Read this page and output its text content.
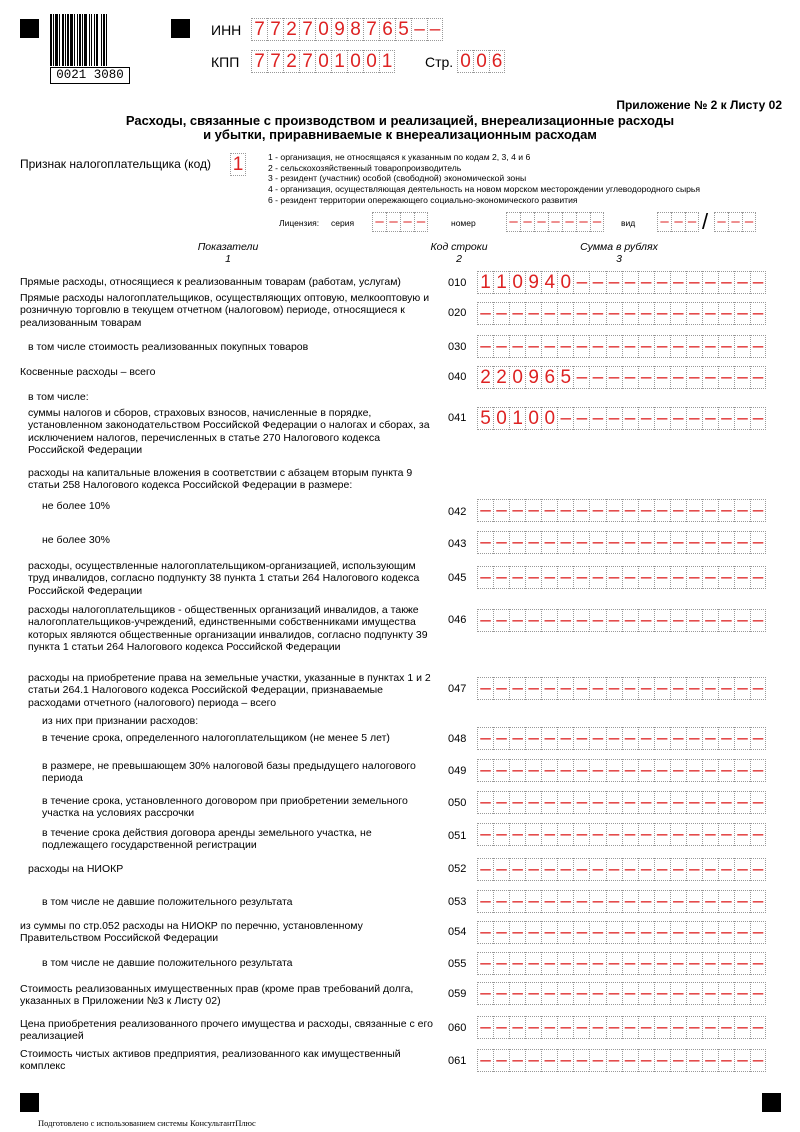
0021 3080
ИНН 7 7 2 7 0 9 8 7 6 5 – –
КПП 7 7 2 7 0 1 0 0 1 Стр. 0 0 6
Приложение № 2 к Листу 02
Расходы, связанные с производством и реализацией, внереализационные расходы
и убытки, приравниваемые к внереализационным расходам
Признак налогоплательщика (код) 1	1 - организация, не относящаяся к указанным по кодам 2, 3, 4 и 6
2 - сельскохозяйственный товаропроизводитель
3 - резидент (участник) особой (свободной) экономической зоны
4 - организация, осуществляющая деятельность на новом морском месторождении углеводородного сырья
6 - резидент территории опережающего социально-экономического развития
Лицензия: серия – – – –	номер – – – – – – –	вид – – – / – – –
Показатели
1
Код строки
2
Сумма в рублях
3
Прямые расходы, относящиеся к реализованным товарам (работам, услугам)	010 1 1 0 9 4 0 – – – – – – – – – – – –
Прямые расходы налогоплательщиков, осуществляющих оптовую, мелкооптовую и розничную торговлю в текущем отчетном (налоговом) периоде, относящиеся к реализованным товарам
020 – – – – – – – – – – – – – – – – – –
в том числе стоимость реализованных покупных товаров	030 – – – – – – – – – – – – – – – – – –
Косвенные расходы – всего	040 2 2 0 9 6 5 – – – – – – – – – – – –
в том числе:
суммы налогов и сборов, страховых взносов, начисленные в порядке, установленном законодательством Российской Федерации о налогах и сборах, за исключением налогов, перечисленных в статье 270 Налогового кодекса Российской Федерации
041 5 0 1 0 0 – – – – – – – – – – – – –
расходы на капитальные вложения в соответствии с абзацем вторым пункта 9 статьи 258 Налогового кодекса Российской Федерации в размере:
не более 10%	042 – – – – – – – – – – – – – – – – – –
не более 30%	043 – – – – – – – – – – – – – – – – – –
расходы, осуществленные налогоплательщиком-организацией, использующим труд инвалидов, согласно подпункту 38 пункта 1 статьи 264 Налогового кодекса Российской Федерации
045 – – – – – – – – – – – – – – – – – –
расходы налогоплательщиков - общественных организаций инвалидов, а также налогоплательщиков-учреждений, единственными собственниками имущества которых являются общественные организации инвалидов, согласно подпункту 39 пункта 1 статьи 264 Налогового кодекса Российской Федерации
046 – – – – – – – – – – – – – – – – – –
расходы на приобретение права на земельные участки, указанные в пунктах 1 и 2 статьи 264.1 Налогового кодекса Российской Федерации, признаваемые расходами отчетного (налогового) периода – всего
047 – – – – – – – – – – – – – – – – – –
из них при признании расходов:
в течение срока, определенного налогоплательщиком (не менее 5 лет)	048 – – – – – – – – – – – – – – – – – –
в размере, не превышающем 30% налоговой базы предыдущего налогового периода
049 – – – – – – – – – – – – – – – – – –
в течение срока, установленного договором при приобретении земельного участка на условиях рассрочки
050 – – – – – – – – – – – – – – – – – –
в течение срока действия договора аренды земельного участка, не подлежащего государственной регистрации
051 – – – – – – – – – – – – – – – – – –
расходы на НИОКР	052 – – – – – – – – – – – – – – – – – –
в том числе не давшие положительного результата	053 – – – – – – – – – – – – – – – – – –
из суммы по стр.052 расходы на НИОКР по перечню, установленному Правительством Российской Федерации
054 – – – – – – – – – – – – – – – – – –
в том числе не давшие положительного результата	055 – – – – – – – – – – – – – – – – – –
Стоимость реализованных имущественных прав (кроме прав требований долга, указанных в Приложении №3 к Листу 02)
059 – – – – – – – – – – – – – – – – – –
Цена приобретения реализованного прочего имущества и расходы, связанные с его реализацией
060 – – – – – – – – – – – – – – – – – –
Стоимость чистых активов предприятия, реализованного как имущественный комплекс	061 – – – – – – – – – – – – – – – – – –
Подготовлено с использованием системы КонсультантПлюс
